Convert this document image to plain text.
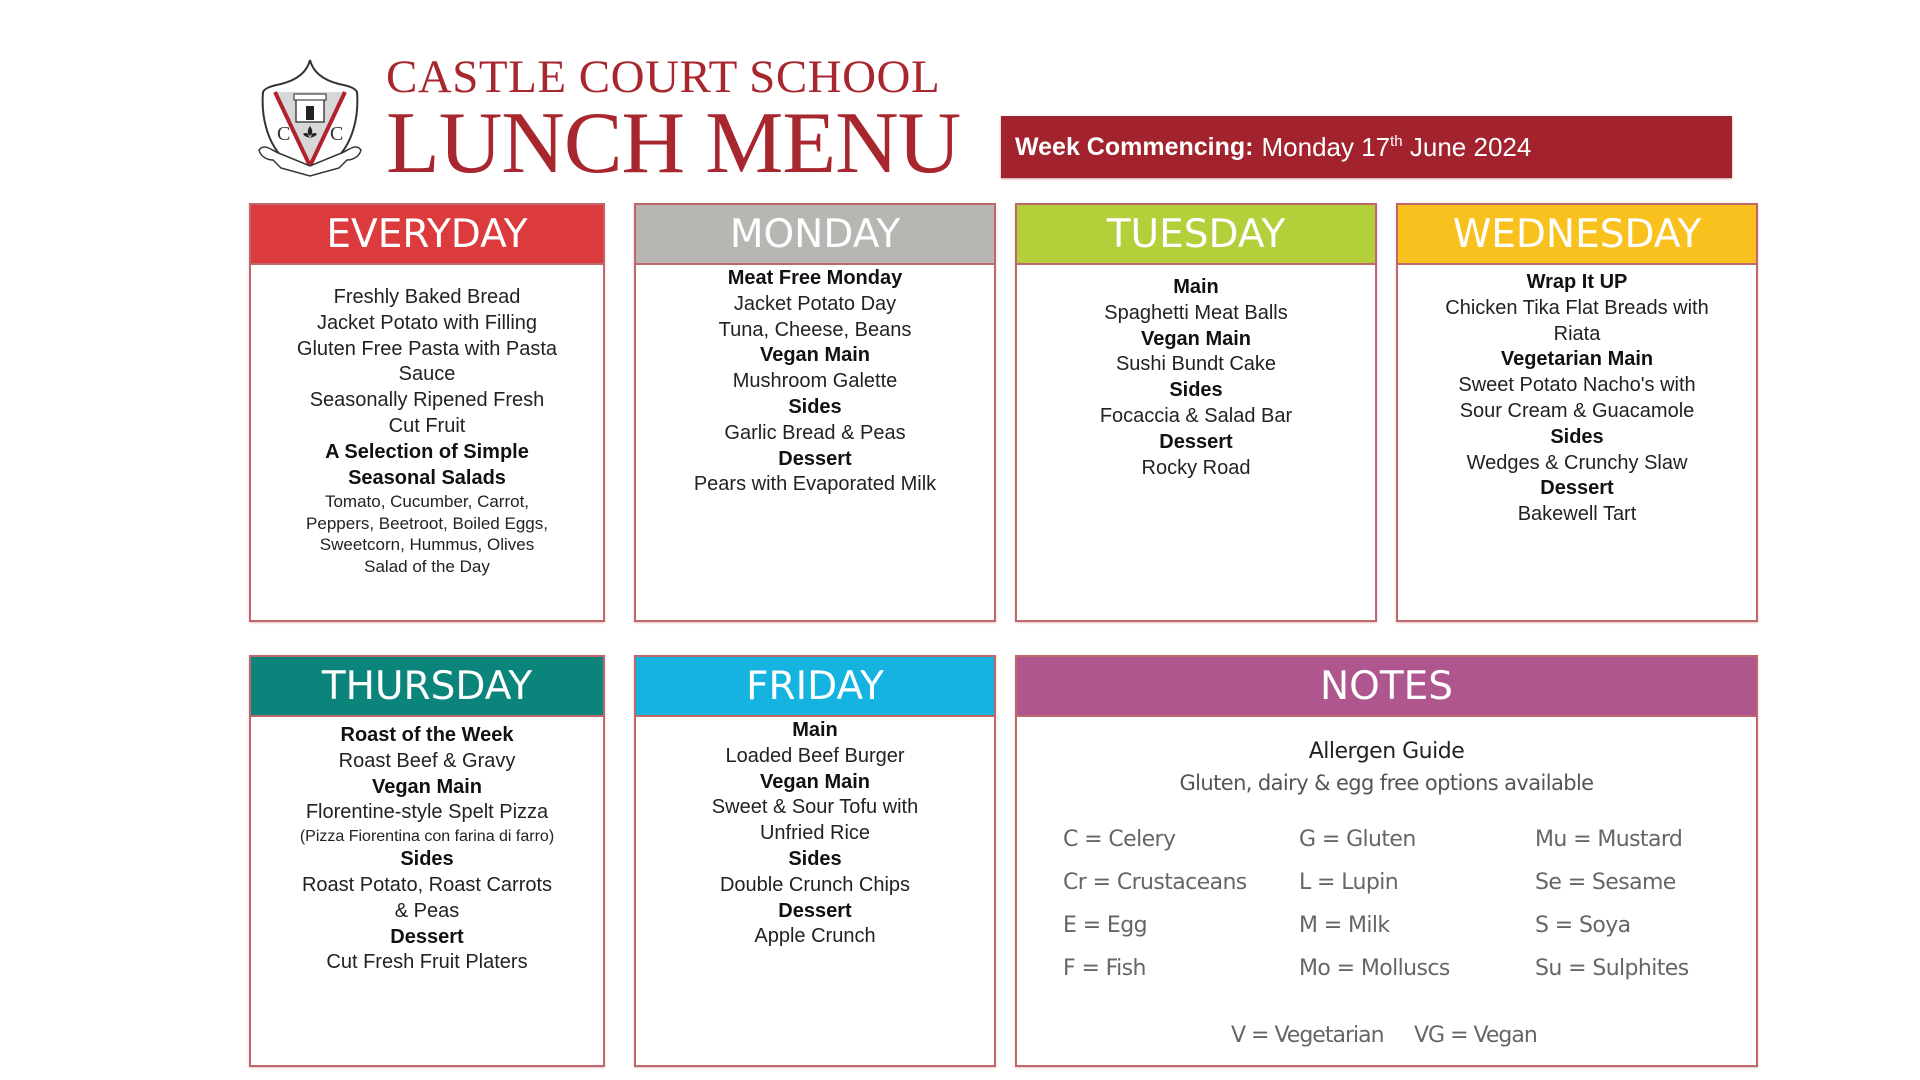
C C
CASTLE COURT SCHOOL
LUNCH MENU Week Commencing: Monday 17th June 2024
EVERYDAY
Freshly Baked Bread
Jacket Potato with Filling
Gluten Free Pasta with Pasta
Sauce
Seasonally Ripened Fresh
Cut Fruit
A Selection of Simple
Seasonal Salads
Tomato, Cucumber, Carrot,
Peppers, Beetroot, Boiled Eggs,
Sweetcorn, Hummus, Olives
Salad of the Day
MONDAY
Meat Free Monday
Jacket Potato Day
Tuna, Cheese, Beans
Vegan Main
Mushroom Galette
Sides
Garlic Bread & Peas
Dessert
Pears with Evaporated Milk
TUESDAY
Main
Spaghetti Meat Balls
Vegan Main
Sushi Bundt Cake
Sides
Focaccia & Salad Bar
Dessert
Rocky Road
WEDNESDAY
Wrap It UP
Chicken Tika Flat Breads with
Riata
Vegetarian Main
Sweet Potato Nacho's with
Sour Cream & Guacamole
Sides
Wedges & Crunchy Slaw
Dessert
Bakewell Tart
THURSDAY
Roast of the Week
Roast Beef & Gravy
Vegan Main
Florentine-style Spelt Pizza
(Pizza Fiorentina con farina di farro)
Sides
Roast Potato, Roast Carrots
& Peas
Dessert
Cut Fresh Fruit Platers
FRIDAY
Main
Loaded Beef Burger
Vegan Main
Sweet & Sour Tofu with
Unfried Rice
Sides
Double Crunch Chips
Dessert
Apple Crunch
NOTES
Allergen Guide
Gluten, dairy & egg free options available
C = Celery	G = Gluten	Mu = Mustard
Cr = Crustaceans L = Lupin	Se = Sesame
E = Egg	M = Milk	S = Soya
F = Fish	Mo = Molluscs	Su = Sulphites
V = Vegetarian VG = Vegan
